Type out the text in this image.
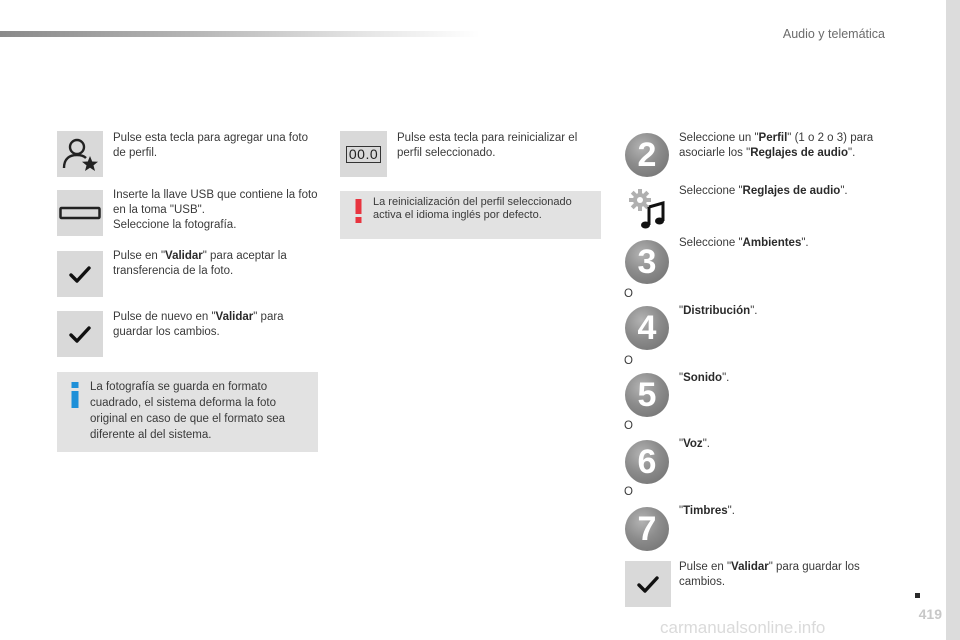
Audio y telemática
Pulse esta tecla para agregar una foto de perfil.
Inserte la llave USB que contiene la foto en la toma "USB".
Seleccione la fotografía.
Pulse en "Validar" para aceptar la transferencia de la foto.
Pulse de nuevo en "Validar" para guardar los cambios.
La fotografía se guarda en formato cuadrado, el sistema deforma la foto original en caso de que el formato sea diferente al del sistema.
00.0
Pulse esta tecla para reinicializar el perfil seleccionado.
La reinicialización del perfil seleccionado activa el idioma inglés por defecto.
2	Seleccione un "Perfil" (1 o 2 o 3) para asociarle los "Reglajes de audio".
Seleccione "Reglajes de audio".
3	Seleccione "Ambientes".
O
4	"Distribución".
O
5	"Sonido".
O
6	"Voz".
O
7	"Timbres".
Pulse en "Validar" para guardar los cambios.
419
carmanualsonline.info
